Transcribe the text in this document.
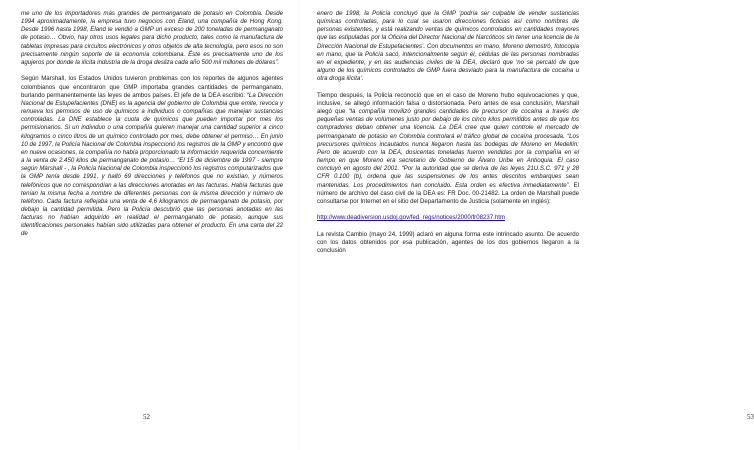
me uno de los importadores más grandes de permanganato de potasio en Colombia. Desde 1994 aproximadamente, la empresa tuvo negocios con Eland, una compañía de Hong Kong. Desde 1996 hasta 1998, Eland le vendió a GMP un exceso de 200 toneladas de permanganato de potasio… Obvio, hay otros usos legales para dicho producto, tales como la manufactura de tabletas impresas para circuitos electrónicos y otros objetos de alta tecnología, pero esos no son precisamente ningún soporte de la economía colombiana. Éste es precisamente uno de los agujeros por donde la ilícita industria de la droga desliza cada año 500 mil millones de dólares”.

Según Marshall, los Estados Unidos tuvieron problemas con los reportes de algunos agentes colombianos que encontraron que GMP importaba grandes cantidades de permanganato, burlando permanentemente las leyes de ambos países. El jefe de la DEA escribió: “La Dirección Nacional de Estupefacientes (DNE) es la agencia del gobierno de Colombia que emite, revoca y renueva los permisos de uso de químicos a individuos o compañías que manejan sustancias controladas. La DNE establece la cuota de químicos que pueden importar por mes los permisionarios. Si un individuo o una compañía quieren manejar una cantidad superior a cinco kilogramos o cinco litros de un químico controlado por mes, debe obtener el permiso… En junio 10 de 1997, la Policía Nacional de Colombia inspeccionó los registros de la GMP y encontró que en nueve ocasiones, la compañía no había proporcionado la información requerida concerniente a la venta de 2.450 kilos de permanganato de potasio… “El 15 de diciembre de 1997 - siempre según Marshall - , la Policía Nacional de Colombia inspeccionó los registros computarizados que la GMP tenía desde 1991, y halló 69 direcciones y teléfonos que no existían, y números telefónicos que no correspondían a las direcciones anotadas en las facturas. Había facturas que tenían la misma fecha a nombre de diferentes personas con la misma dirección y número de teléfono. Cada factura reflejaba una venta de 4,6 kilogramos de permanganato de potasio, por debajo la cantidad permitida. Pero la Policía descubrió que las personas anotadas en las facturas no habían adquirido en realidad el permanganato de potasio, aunque sus identificaciones personales habían sido utilizadas para obtener el producto. En una carta del 22 de

52

enero de 1998, la Policía concluyó que la GMP ‘podría ser culpable de vender sustancias químicas controladas, para lo cual se usaron direcciones ficticias así como nombres de personas existentes, y está realizando ventas de químicos controlados en cantidades mayores que las estipuladas por la Oficina del Director Nacional de Narcóticos sin tener una licencia de la Dirección Nacional de Estupefacientes’. Con documentos en mano, Moreno demostró, fotocopia en mano, que la Policía sacó, intencionalmente según él, cédulas de las personas nombradas en el expediente, y en las audiencias civiles de la DEA, declaró que ‘no se percató de que alguno de los químicos controlados de GMP fuera desviado para la manufactura de cocaína u otra droga ilícita’.

Tiempo después, la Policía reconoció que en el caso de Moreno hubo equivocaciones y que, inclusive, se allegó información falsa o distorsionada. Pero antes de esa conclusión, Marshall alegó que “la compañía movilizó grandes cantidades de precursor de cocaína a través de pequeñas ventas de volúmenes justo por debajo de los cinco kilos permitidos antes de que los compradores deban obtener una licencia. La DEA cree que quien controle el mercado de permanganato de potasio en Colombia controlará el tráfico global de cocaína procesada. “Los precursores químicos incautados nunca llegaron hasta las bodegas de Moreno en Medellín: Pero de acuerdo con la DEA, dosicentas toneladas fueron vendidas por la compañía en el tiempo en que Moreno era secretario de Gobierno de Álvaro Uribe en Antioquia. El caso concluyó en agosto del 2001. “Por la autoridad que se deriva de las leyes 21U.S.C. 971 y 28 CFR 0.100 (b), ordena que las suspensiones de los antes descritos embarques sean mantenidas. Los procedimientos han concluido. Esta orden es efectiva inmediatamente”. El número de archivo del caso civil de la DEA es: FR Doc. 00-21482. La orden de Marshall puede consultarse por Internet en el sitio del Departamento de Justicia (solamente en inglés):

http://www.deadiversion.usdoj.gov/fed_regs/notices/2000/fr08237.htm

La revista Cambio (mayo 24, 1999) aclaró en alguna forma este intrincado asunto. De acuerdo con los datos obtenidos por esa publicación, agentes de los dos gobiernos llegaron a la conclusión

53
